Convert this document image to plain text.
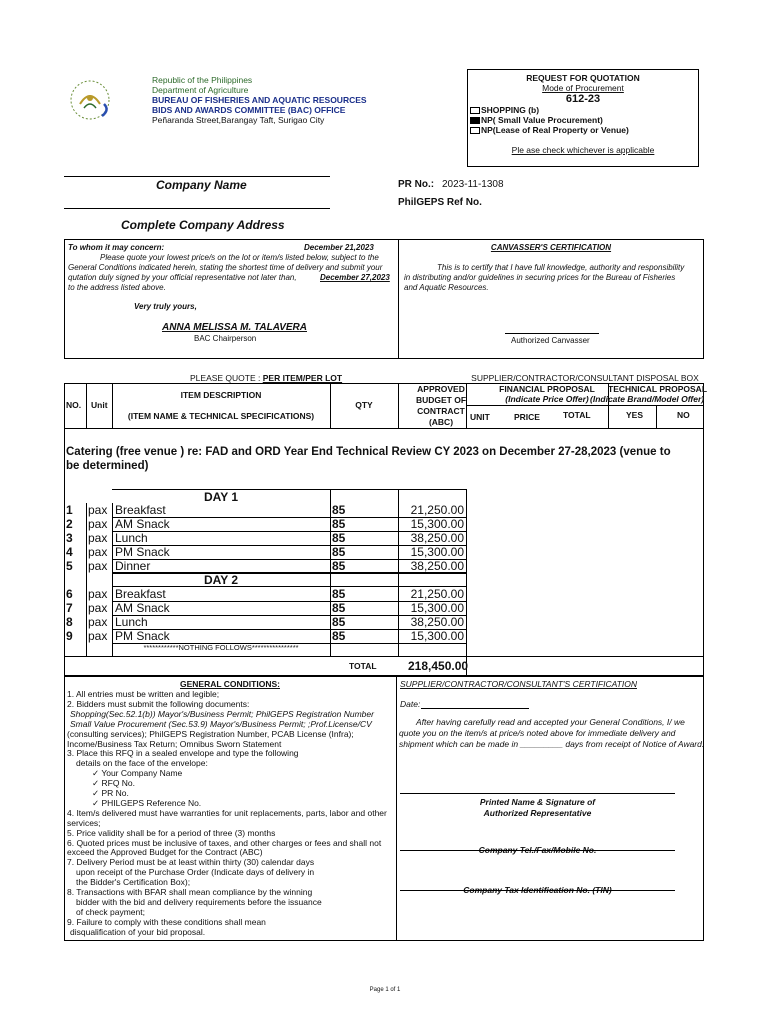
Republic of the Philippines
Department of Agriculture
BUREAU OF FISHERIES AND AQUATIC RESOURCES
BIDS AND AWARDS COMMITTEE (BAC) OFFICE
Peñaranda Street,Barangay Taft, Surigao City
REQUEST FOR QUOTATION
Mode of Procurement
612-23
SHOPPING (b)
NP( Small Value Procurement)
NP(Lease of Real Property or Venue)
Ple ase check whichever is applicable
Company Name	PR No.: 2023-11-1308
PhilGEPS Ref No.
Complete Company Address
To whom it may concern:	December 21,2023
Please quote your lowest price/s on the lot or item/s listed below, subject to the
General Conditions indicated herein, stating the shortest time of delivery and submit your
qutation duly signed by your official representative not later than,	December 27,2023
to the address listed above.
Very truly yours,
ANNA MELISSA M. TALAVERA
BAC Chairperson
CANVASSER'S CERTIFICATION
This is to certify that I have full knowledge, authority and responsibility
in distributing and/or guidelines in securing prices for the Bureau of Fisheries
and Aquatic Resources.
Authorized Canvasser
PLEASE QUOTE : PER ITEM/PER LOT	SUPPLIER/CONTRACTOR/CONSULTANT DISPOSAL BOX
NO. Unit
ITEM DESCRIPTION
(ITEM NAME & TECHNICAL SPECIFICATIONS)
QTY
APPROVED
BUDGET OF
CONTRACT
(ABC)
FINANCIAL PROPOSAL
(Indicate Price Offer)
TECHNICAL PROPOSAL
(Indicate Brand/Model Offer)
UNIT	PRICE	TOTAL	YES	NO
Catering (free venue ) re: FAD and ORD Year End Technical Review CY 2023 on December 27-28,2023 (venue to be determined)
DAY 1
DAY 2
1	pax Breakfast	85	21,250.00
2	pax AM Snack	85	15,300.00
3	pax Lunch	85	38,250.00
4	pax PM Snack	85	15,300.00
5	pax Dinner	85	38,250.00
6	pax Breakfast	85	21,250.00
7	pax AM Snack	85	15,300.00
8	pax Lunch	85	38,250.00
9	pax PM Snack	85	15,300.00
************NOTHING FOLLOWS****************
TOTAL	218,450.00
GENERAL CONDITIONS:
1. All entries must be written and legible;
2. Bidders must submit the following documents:
Shopping(Sec.52.1(b)) Mayor's/Business Permit; PhilGEPS Registration Number
Small Value Procurement (Sec.53.9) Mayor's/Business Permit; ;Prof.License/CV
(consulting services); PhilGEPS Registration Number, PCAB License (Infra);
Income/Business Tax Return; Omnibus Sworn Statement
3. Place this RFQ in a sealed envelope and type the following
details on the face of the envelope:
✓ Your Company Name
✓ RFQ No.
✓ PR No.
✓ PHILGEPS Reference No.
4. Item/s delivered must have warranties for unit replacements, parts, labor and other
services;
5. Price validity shall be for a period of three (3) months
6. Quoted prices must be inclusive of taxes, and other charges or fees and shall not
exceed the Approved Budget for the Contract (ABC)
7. Delivery Period must be at least within thirty (30) calendar days
upon receipt of the Purchase Order (Indicate days of delivery in
the Bidder's Certification Box);
8. Transactions with BFAR shall mean compliance by the winning
bidder with the bid and delivery requirements before the issuance
of check payment;
9. Failure to comply with these conditions shall mean
disqualification of your bid proposal.
SUPPLIER/CONTRACTOR/CONSULTANT'S CERTIFICATION
Date:
After having carefully read and accepted your General Conditions, I/ we
quote you on the item/s at price/s noted above for immediate delivery and
shipment which can be made in _________ days from receipt of Notice of Award.
Printed Name & Signature of
Authorized Representative
Company Tel./Fax/Mobile No.
Company Tax Identification No. (TIN)
Page 1 of 1
